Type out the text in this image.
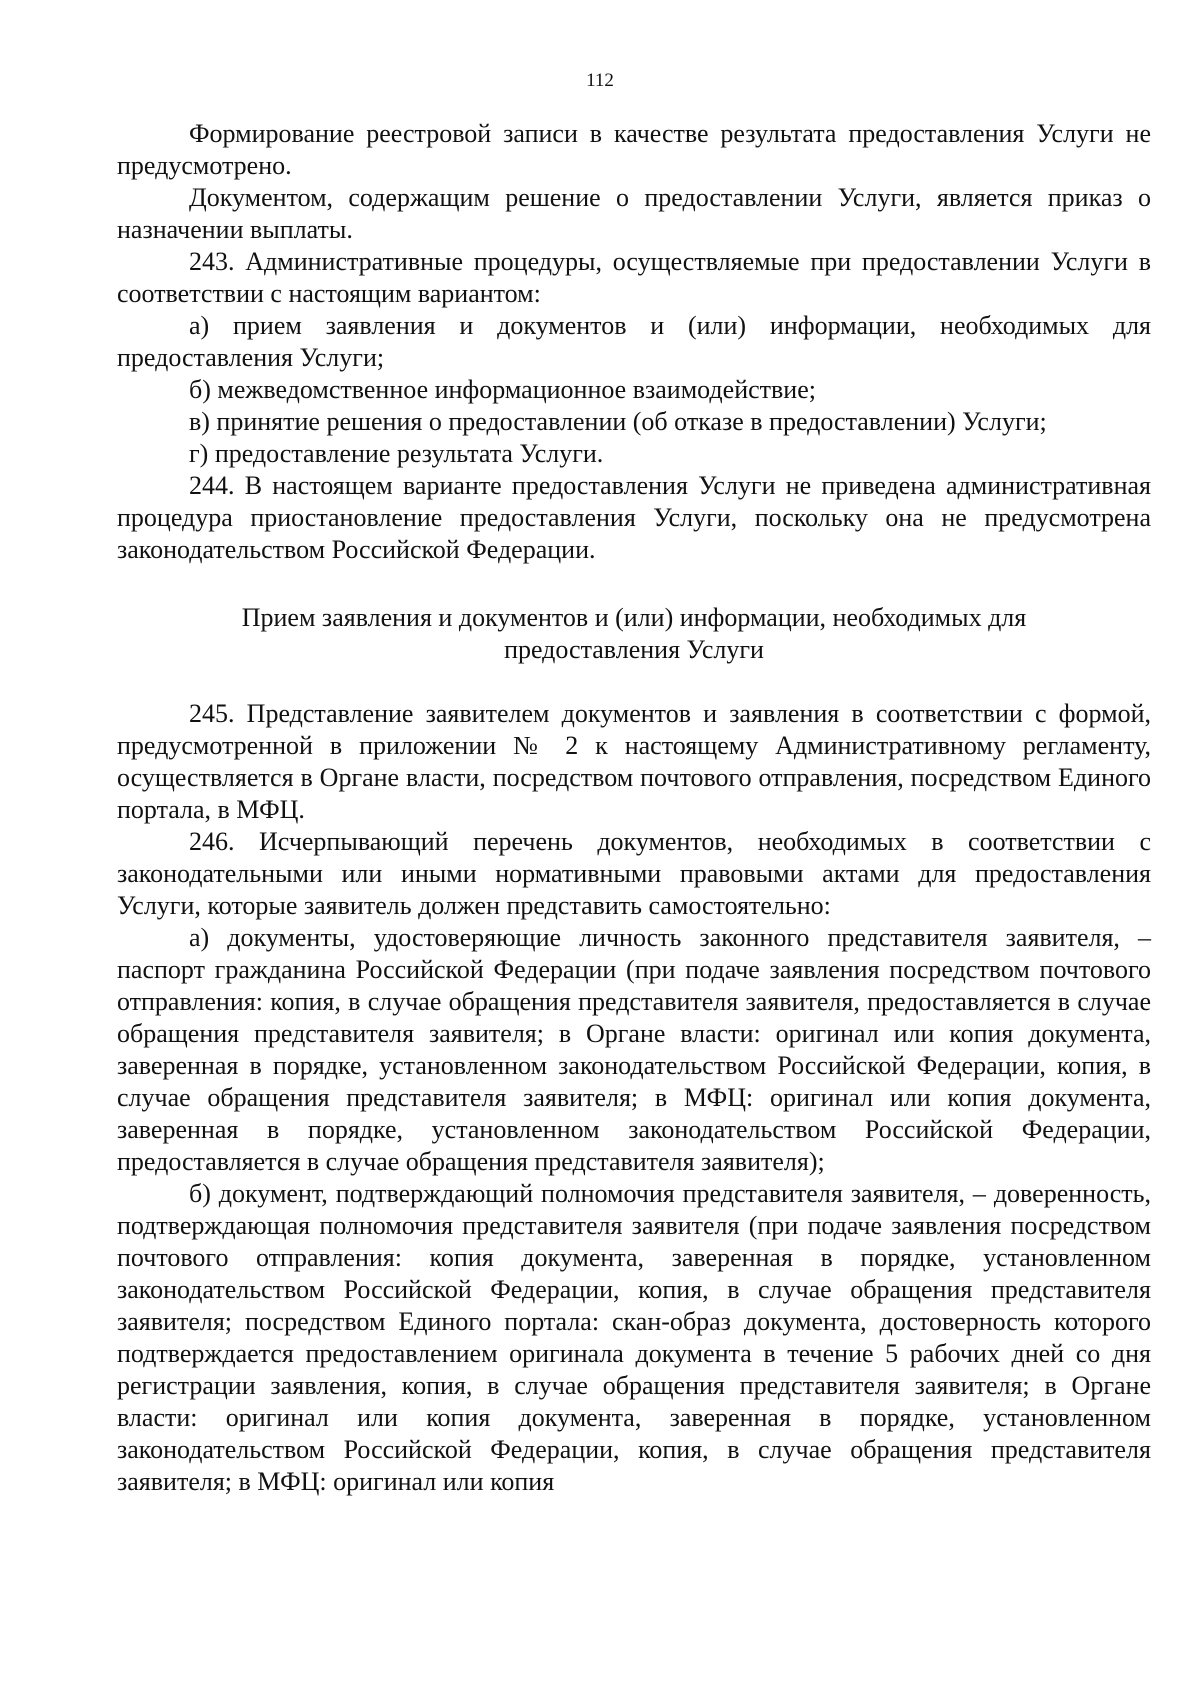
112

Формирование реестровой записи в качестве результата предоставления Услуги не предусмотрено.

Документом, содержащим решение о предоставлении Услуги, является приказ о назначении выплаты.

243. Административные процедуры, осуществляемые при предоставлении Услуги в соответствии с настоящим вариантом:

а) прием заявления и документов и (или) информации, необходимых для предоставления Услуги;

б) межведомственное информационное взаимодействие;

в) принятие решения о предоставлении (об отказе в предоставлении) Услуги;

г) предоставление результата Услуги.

244. В настоящем варианте предоставления Услуги не приведена административная процедура приостановление предоставления Услуги, поскольку она не предусмотрена законодательством Российской Федерации.

Прием заявления и документов и (или) информации, необходимых для предоставления Услуги

245. Представление заявителем документов и заявления в соответствии с формой, предусмотренной в приложении № 2 к настоящему Административному регламенту, осуществляется в Органе власти, посредством почтового отправления, посредством Единого портала, в МФЦ.

246. Исчерпывающий перечень документов, необходимых в соответствии с законодательными или иными нормативными правовыми актами для предоставления Услуги, которые заявитель должен представить самостоятельно:

а) документы, удостоверяющие личность законного представителя заявителя, – паспорт гражданина Российской Федерации (при подаче заявления посредством почтового отправления: копия, в случае обращения представителя заявителя, предоставляется в случае обращения представителя заявителя; в Органе власти: оригинал или копия документа, заверенная в порядке, установленном законодательством Российской Федерации, копия, в случае обращения представителя заявителя; в МФЦ: оригинал или копия документа, заверенная в порядке, установленном законодательством Российской Федерации, предоставляется в случае обращения представителя заявителя);

б) документ, подтверждающий полномочия представителя заявителя, – доверенность, подтверждающая полномочия представителя заявителя (при подаче заявления посредством почтового отправления: копия документа, заверенная в порядке, установленном законодательством Российской Федерации, копия, в случае обращения представителя заявителя; посредством Единого портала: скан-образ документа, достоверность которого подтверждается предоставлением оригинала документа в течение 5 рабочих дней со дня регистрации заявления, копия, в случае обращения представителя заявителя; в Органе власти: оригинал или копия документа, заверенная в порядке, установленном законодательством Российской Федерации, копия, в случае обращения представителя заявителя; в МФЦ: оригинал или копия
